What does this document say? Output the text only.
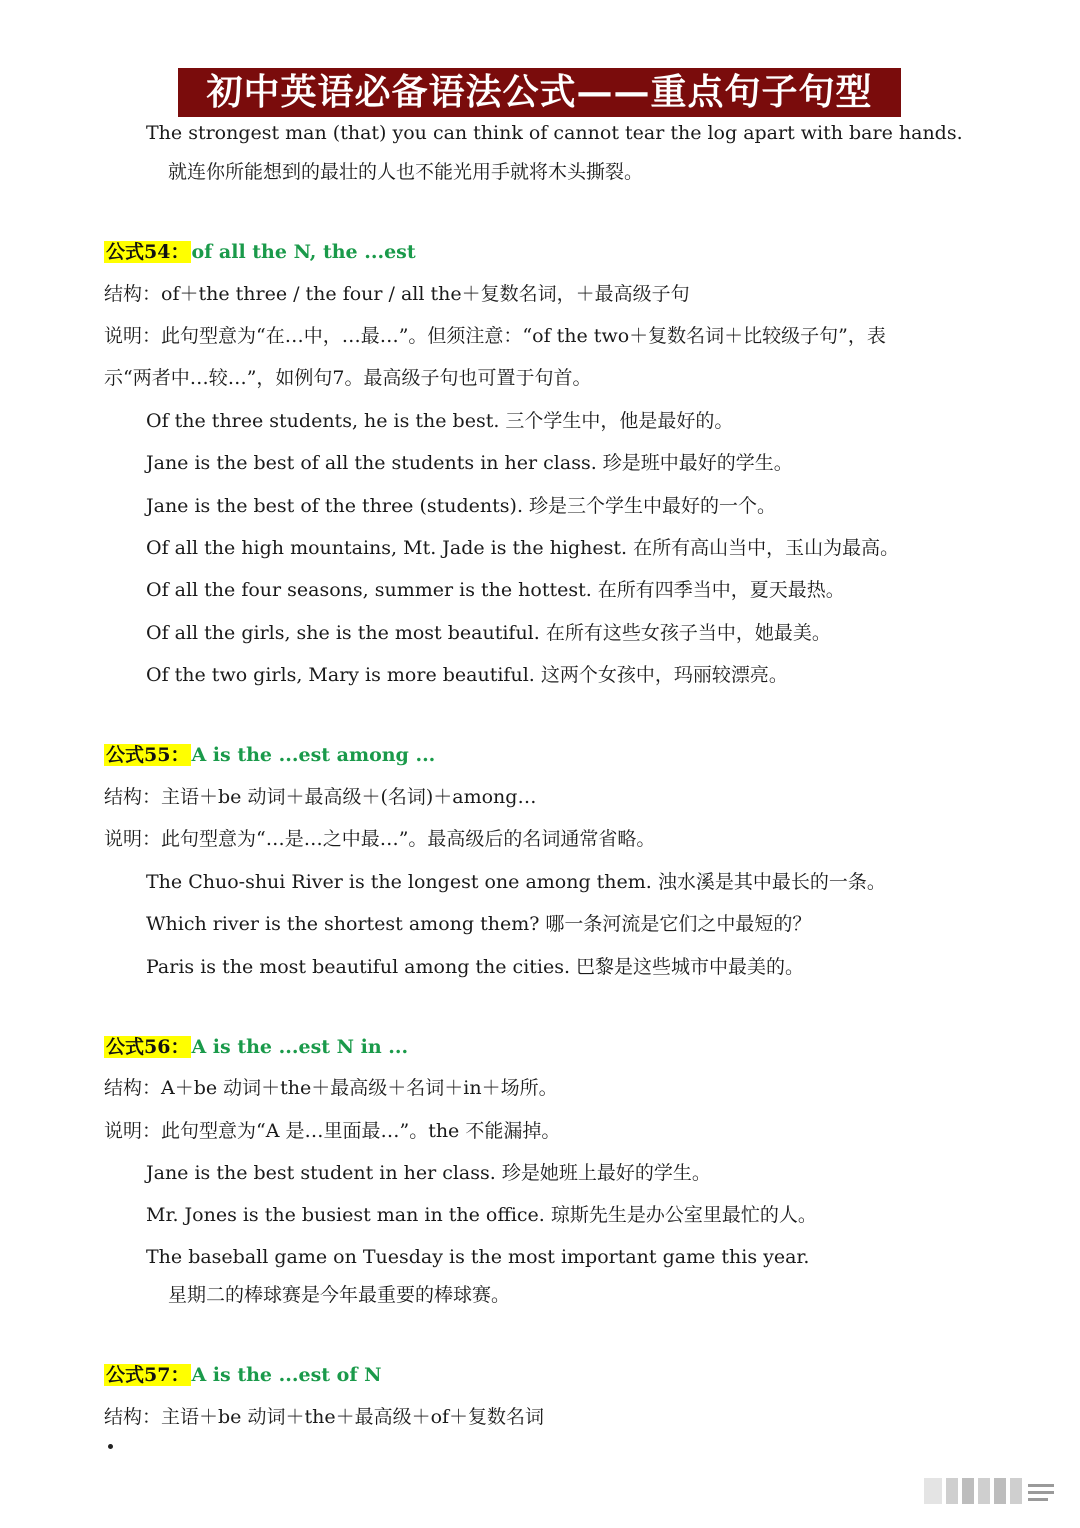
初中英语必备语法公式——重点句子句型
The strongest man (that) you can think of cannot tear the log apart with bare hands.
就连你所能想到的最壮的人也不能光用手就将木头撕裂。
公式54： of all the N, the ...est
结构：of＋the three / the four / all the＋复数名词，＋最高级子句
说明：此句型意为“在…中，…最…”。但须注意：“of the two＋复数名词＋比较级子句”，表
示“两者中…较…”，如例句7。最高级子句也可置于句首。
Of the three students, he is the best. 三个学生中，他是最好的。
Jane is the best of all the students in her class. 珍是班中最好的学生。
Jane is the best of the three (students). 珍是三个学生中最好的一个。
Of all the high mountains, Mt. Jade is the highest. 在所有高山当中，玉山为最高。
Of all the four seasons, summer is the hottest. 在所有四季当中，夏天最热。
Of all the girls, she is the most beautiful. 在所有这些女孩子当中，她最美。
Of the two girls, Mary is more beautiful. 这两个女孩中，玛丽较漂亮。
公式55： A is the ...est among ...
结构：主语＋be 动词＋最高级＋(名词)＋among…
说明：此句型意为“…是…之中最…”。最高级后的名词通常省略。
The Chuo-shui River is the longest one among them. 浊水溪是其中最长的一条。
Which river is the shortest among them? 哪一条河流是它们之中最短的？
Paris is the most beautiful among the cities. 巴黎是这些城市中最美的。
公式56： A is the ...est N in ...
结构：A＋be 动词＋the＋最高级＋名词＋in＋场所。
说明：此句型意为“A 是…里面最…”。the 不能漏掉。
Jane is the best student in her class. 珍是她班上最好的学生。
Mr. Jones is the busiest man in the office. 琼斯先生是办公室里最忙的人。
The baseball game on Tuesday is the most important game this year.
星期二的棒球赛是今年最重要的棒球赛。
公式57： A is the ...est of N
结构：主语＋be 动词＋the＋最高级＋of＋复数名词
